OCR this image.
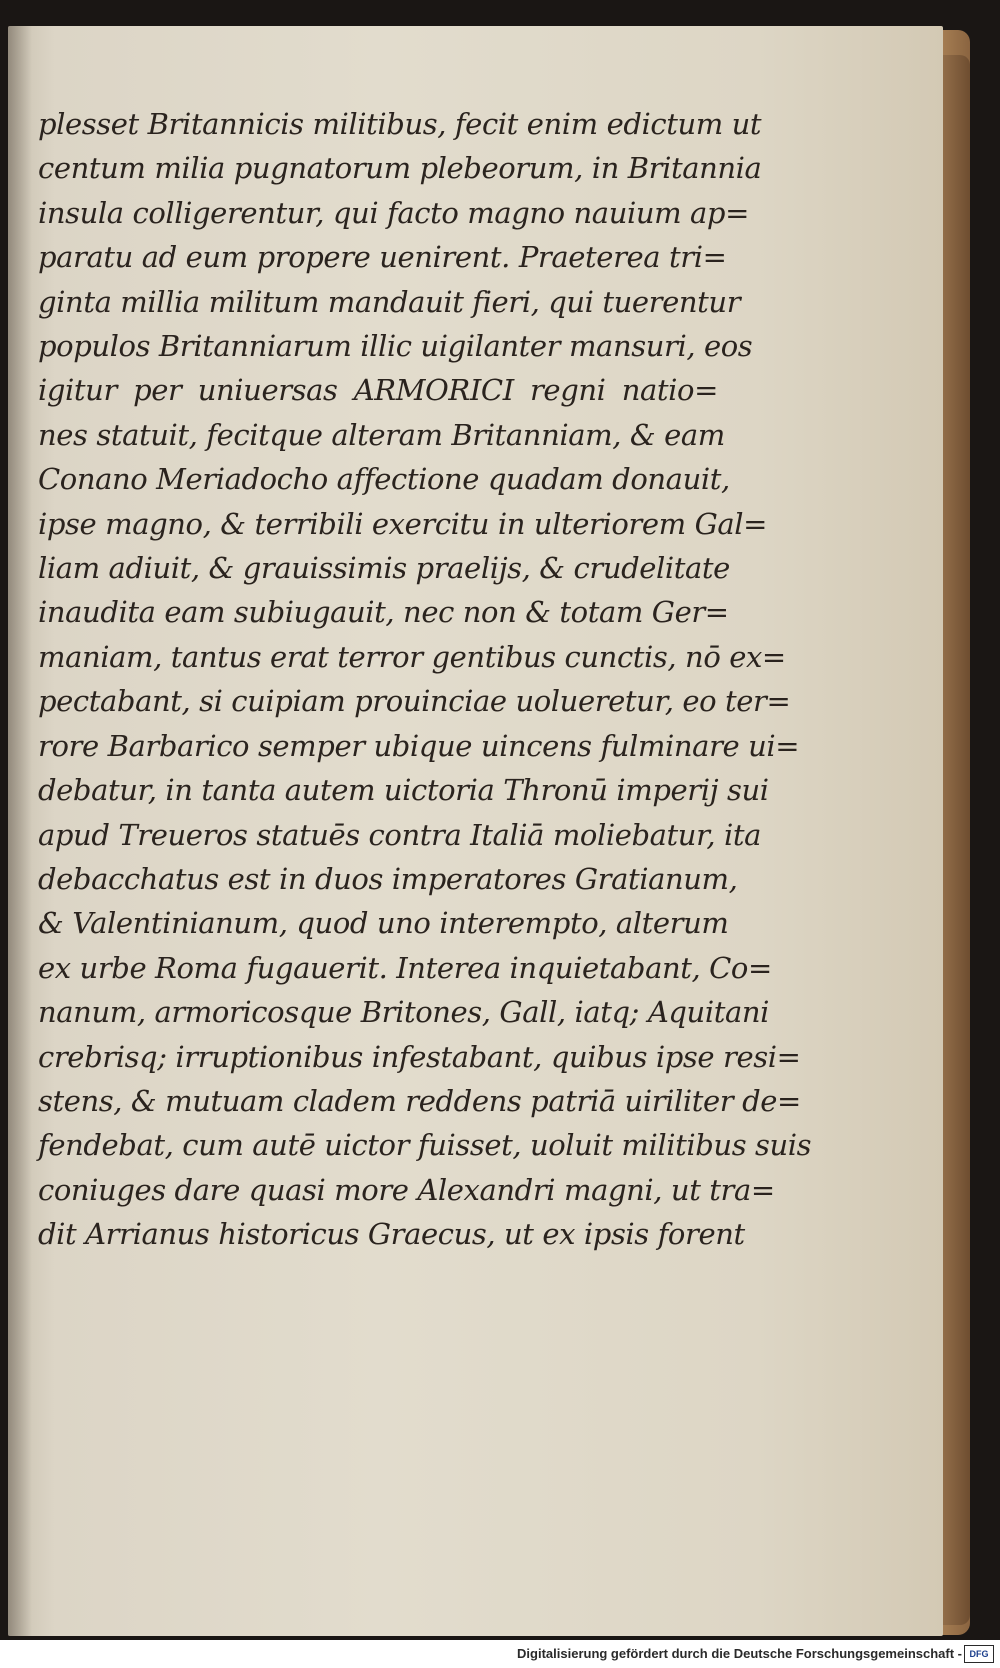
plesset Britannicis militibus, fecit enim edictum ut
centum milia pugnatorum plebeorum, in Britannia
insula colligerentur, qui facto magno nauium ap=
paratu ad eum propere uenirent. Praeterea tri=
ginta millia militum mandauit fieri, qui tuerentur
populos Britanniarum illic uigilanter mansuri, eos
igitur per uniuersas ARMORICI regni natio=
nes statuit, fecitque alteram Britanniam, & eam
Conano Meriadocho affectione quadam donauit,
ipse magno, & terribili exercitu in ulteriorem Gal=
liam adiuit, & grauissimis praelijs, & crudelitate
inaudita eam subiugauit, nec non & totam Ger=
maniam, tantus erat terror gentibus cunctis, nō ex=
pectabant, si cuipiam prouinciae uolueretur, eo ter=
rore Barbarico semper ubique uincens fulminare ui=
debatur, in tanta autem uictoria Thronū imperij sui
apud Treueros statuēs contra Italiā moliebatur, ita
debacchatus est in duos imperatores Gratianum,
& Valentinianum, quod uno interempto, alterum
ex urbe Roma fugauerit. Interea inquietabant, Co=
nanum, armoricosque Britones, Gall, iatq; Aquitani
crebrisq; irruptionibus infestabant, quibus ipse resi=
stens, & mutuam cladem reddens patriā uiriliter de=
fendebat, cum autē uictor fuisset, uoluit militibus suis
coniuges dare quasi more Alexandri magni, ut tra=
dit Arrianus historicus Graecus, ut ex ipsis forent
Digitalisierung gefördert durch die Deutsche Forschungsgemeinschaft - DFG
